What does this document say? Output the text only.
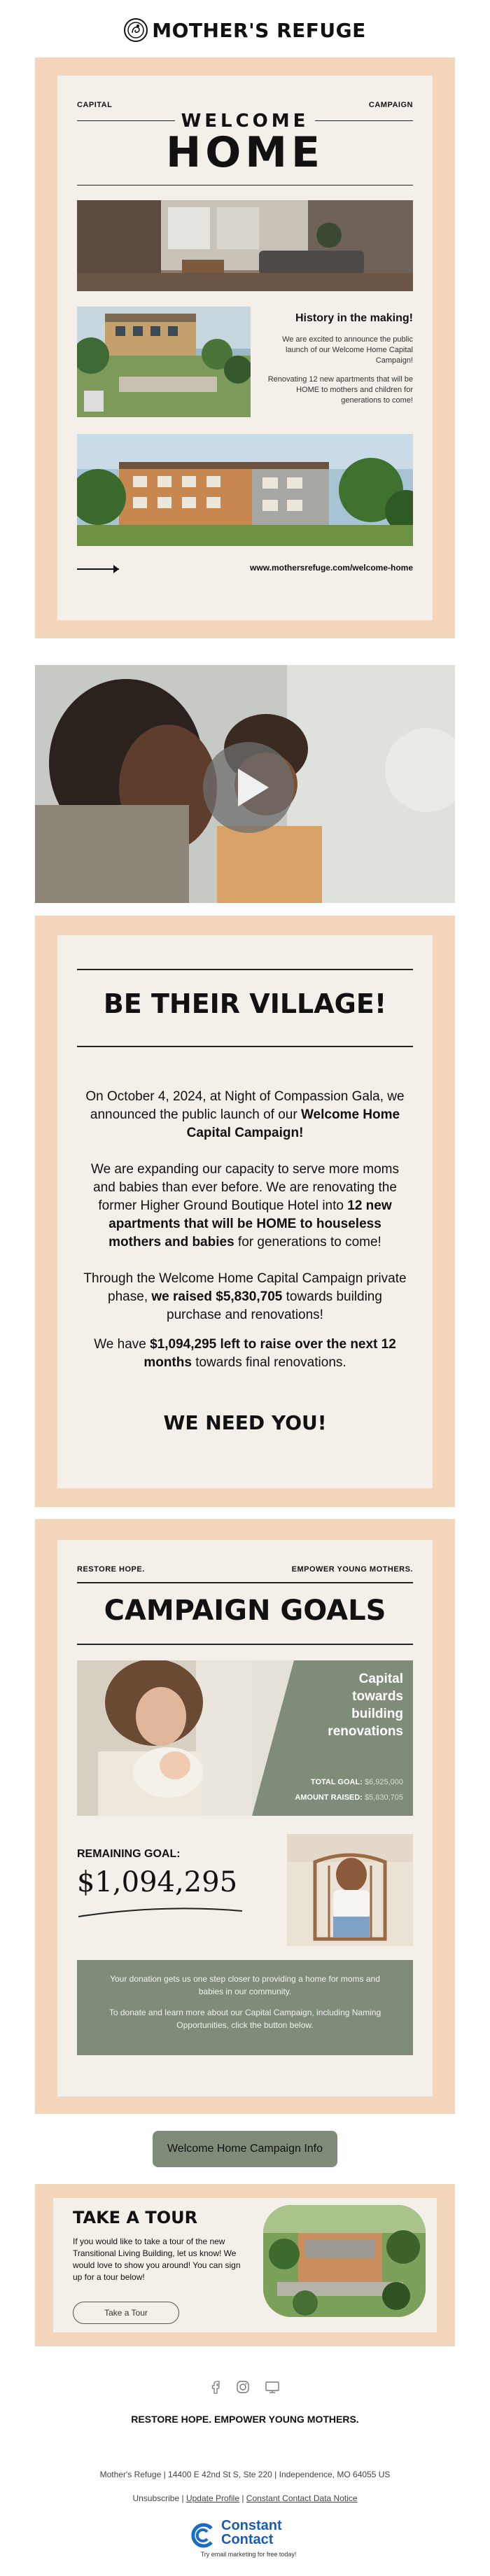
MOTHER'S REFUGE
CAPITAL	CAMPAIGN
WELCOME
HOME
History in the making!
We are excited to announce the public launch of our Welcome Home Capital Campaign!
Renovating 12 new apartments that will be HOME to mothers and children for generations to come!
www.mothersrefuge.com/welcome-home
BE THEIR VILLAGE!

On October 4, 2024, at Night of Compassion Gala, we announced the public launch of our Welcome Home Capital Campaign!

We are expanding our capacity to serve more moms and babies than ever before. We are renovating the former Higher Ground Boutique Hotel into 12 new apartments that will be HOME to houseless mothers and babies for generations to come!

Through the Welcome Home Capital Campaign private phase, we raised $5,830,705 towards building purchase and renovations!

We have $1,094,295 left to raise over the next 12 months towards final renovations.

WE NEED YOU!
RESTORE HOPE.	EMPOWER YOUNG MOTHERS.
CAMPAIGN GOALS
Capital
towards
building
renovations
TOTAL GOAL: $6,925,000
AMOUNT RAISED: $5,830,705
REMAINING GOAL:
$1,094,295

Your donation gets us one step closer to providing a home for moms and babies in our community.

To donate and learn more about our Capital Campaign, including Naming Opportunities, click the button below.

Welcome Home Campaign Info
TAKE A TOUR

If you would like to take a tour of the new Transitional Living Building, let us know! We would love to show you around! You can sign up for a tour below!

Take a Tour
RESTORE HOPE. EMPOWER YOUNG MOTHERS.
Mother's Refuge | 14400 E 42nd St S, Ste 220 | Independence, MO 64055 US
Unsubscribe | Update Profile | Constant Contact Data Notice
Constant
Contact
Try email marketing for free today!
